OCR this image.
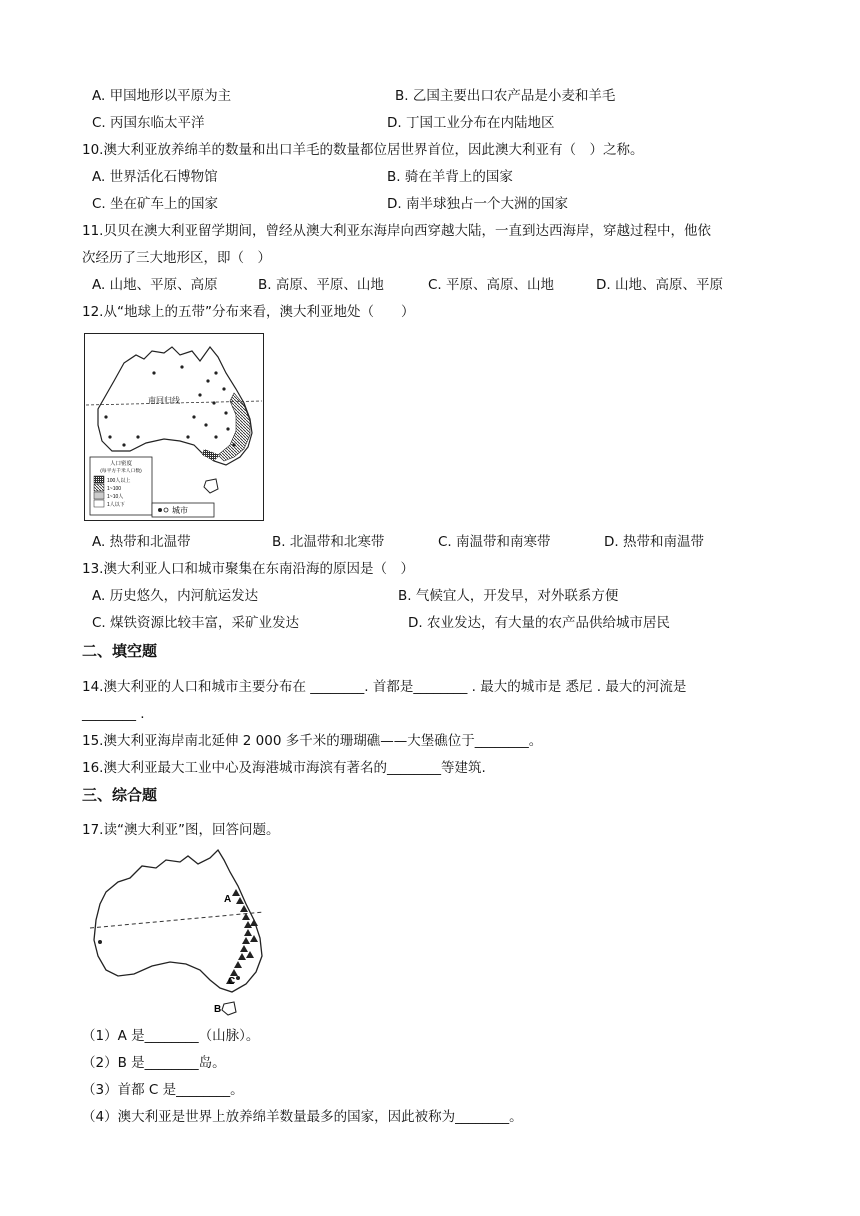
A. 甲国地形以平原为主	B. 乙国主要出口农产品是小麦和羊毛
C. 丙国东临太平洋	D. 丁国工业分布在内陆地区
10.澳大利亚放养绵羊的数量和出口羊毛的数量都位居世界首位，因此澳大利亚有（　）之称。
A. 世界活化石博物馆	B. 骑在羊背上的国家
C. 坐在矿车上的国家	D. 南半球独占一个大洲的国家
11.贝贝在澳大利亚留学期间，曾经从澳大利亚东海岸向西穿越大陆，一直到达西海岸，穿越过程中，他依
次经历了三大地形区，即（　）
A. 山地、平原、高原	B. 高原、平原、山地	C. 平原、高原、山地	D. 山地、高原、平原
12.从“地球上的五带”分布来看，澳大利亚地处（　　）
南回归线
人口密度
(每平方千米人口数)
100人以上
1~100
1~10人
1人以下
城市
A. 热带和北温带	B. 北温带和北寒带	C. 南温带和南寒带	D. 热带和南温带
13.澳大利亚人口和城市聚集在东南沿海的原因是（　）
A. 历史悠久，内河航运发达	B. 气候宜人，开发早，对外联系方便
C. 煤铁资源比较丰富，采矿业发达	D. 农业发达，有大量的农产品供给城市居民
二、填空题
14.澳大利亚的人口和城市主要分布在 ________. 首都是________ . 最大的城市是 悉尼 . 最大的河流是
________ .
15.澳大利亚海岸南北延伸 2 000 多千米的珊瑚礁——大堡礁位于________。
16.澳大利亚最大工业中心及海港城市海滨有著名的________等建筑.
三、综合题
17.读“澳大利亚”图，回答问题。
A
B
C
（1）A 是________（山脉）。
（2）B 是________岛。
（3）首都 C 是________。
（4）澳大利亚是世界上放养绵羊数量最多的国家，因此被称为________。
